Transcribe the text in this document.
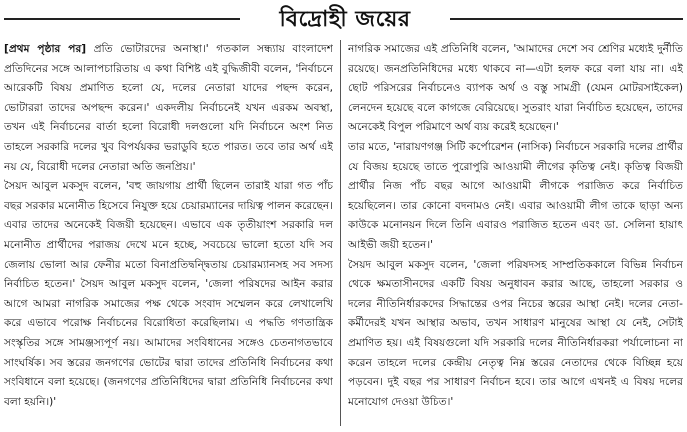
বিদ্রোহী জয়ের

[প্রথম পৃষ্ঠার পর] প্রতি ভোটারদের অনাস্থা।' গতকাল সন্ধ্যায় বাংলাদেশ প্রতিদিনের সঙ্গে আলাপচারিতায় এ কথা বিশিষ্ট এই বুদ্ধিজীবী বলেন, 'নির্বাচনে আরেকটি বিষয় প্রমাণিত হলো যে, দলের নেতারা যাদের পছন্দ করেন, ভোটাররা তাদের অপছন্দ করেন।' একদলীয় নির্বাচনেই যখন এরকম অবস্থা, তখন এই নির্বাচনের বার্তা হলো বিরোধী দলগুলো যদি নির্বাচনে অংশ নিত তাহলে সরকারি দলের খুব বিপর্যয়কর ভরাডুবি হতে পারত। তবে তার অর্থ এই নয় যে, বিরোধী দলের নেতারা অতি জনপ্রিয়।'

সৈয়দ আবুল মকসুদ বলেন, 'বহু জায়গায় প্রার্থী ছিলেন তারাই যারা গত পাঁচ বছর সরকার মনোনীত হিসেবে নিযুক্ত হয়ে চেয়ারম্যানের দায়িত্ব পালন করেছেন। এবার তাদের অনেকেই বিজয়ী হয়েছেন। এভাবে এক তৃতীয়াংশ সরকারি দল মনোনীত প্রার্থীদের পরাজয় দেখে মনে হচ্ছে, সবচেয়ে ভালো হতো যদি সব জেলায় ভোলা আর ফেনীর মতো বিনাপ্রতিদ্বন্দ্বিতায় চেয়ারম্যানসহ সব সদস্য নির্বাচিত হতেন।' সৈয়দ আবুল মকসুদ বলেন, 'জেলা পরিষদের আইন করার আগে আমরা নাগরিক সমাজের পক্ষ থেকে সংবাদ সম্মেলন করে লেখালেখি করে এভাবে পরোক্ষ নির্বাচনের বিরোধিতা করেছিলাম। এ পদ্ধতি গণতান্ত্রিক সংস্কৃতির সঙ্গে সামঞ্জস্যপূর্ণ নয়। আমাদের সংবিধানের সঙ্গেও চেতনাগতভাবে সাংঘর্ষিক। সব স্তরের জনগণের ভোটের দ্বারা তাদের প্রতিনিধি নির্বাচনের কথা সংবিধানে বলা হয়েছে। (জনগণের প্রতিনিধিদের দ্বারা প্রতিনিধি নির্বাচনের কথা বলা হয়নি।)'

নাগরিক সমাজের এই প্রতিনিধি বলেন, 'আমাদের দেশে সব শ্রেণির মধ্যেই দুর্নীতি রয়েছে। জনপ্রতিনিধিদের মধ্যে থাকবে না—এটা হলফ করে বলা যায় না। এই ছোট পরিসরের নির্বাচনেও ব্যাপক অর্থ ও বস্তু সামগ্রী (যেমন মোটরসাইকেল) লেনদেন হয়েছে বলে কাগজে বেরিয়েছে। সুতরাং যারা নির্বাচিত হয়েছেন, তাদের অনেকেই বিপুল পরিমাণে অর্থ ব্যয় করেই হয়েছেন।'

তার মতে, 'নারায়ণগঞ্জ সিটি কর্পোরেশন (নাসিক) নির্বাচনে সরকারি দলের প্রার্থীর যে বিজয় হয়েছে তাতে পুরোপুরি আওয়ামী লীগের কৃতিত্ব নেই। কৃতিত্ব বিজয়ী প্রার্থীর নিজ পাঁচ বছর আগে আওয়ামী লীগকে পরাজিত করে নির্বাচিত হয়েছিলেন। তার কোনো বদনামও নেই। এবার আওয়ামী লীগ তাকে ছাড়া অন্য কাউকে মনোনয়ন দিলে তিনি এবারও পরাজিত হতেন এবং ডা. সেলিনা হায়াৎ আইভী জয়ী হতেন।'

সৈয়দ আবুল মকসুদ বলেন, 'জেলা পরিষদসহ সাম্প্রতিককালে বিভিন্ন নির্বাচন থেকে ক্ষমতাসীনদের একটি বিষয় অনুধাবন করার আছে, তাহলো সরকার ও দলের নীতিনির্ধারকদের সিদ্ধান্তের ওপর নিচের স্তরের আস্থা নেই। দলের নেতা-কর্মীদেরই যখন আস্থার অভাব, তখন সাধারণ মানুষের আস্থা যে নেই, সেটাই প্রমাণিত হয়। এই বিষয়গুলো যদি সরকারি দলের নীতিনির্ধারকরা পর্যালোচনা না করেন তাহলে দলের কেন্দ্রীয় নেতৃত্ব নিম্ন স্তরের নেতাদের থেকে বিচ্ছিন্ন হয়ে পড়বেন। দুই বছর পর সাধারণ নির্বাচন হবে। তার আগে এখনই এ বিষয় দলের মনোযোগ দেওয়া উচিত।'
